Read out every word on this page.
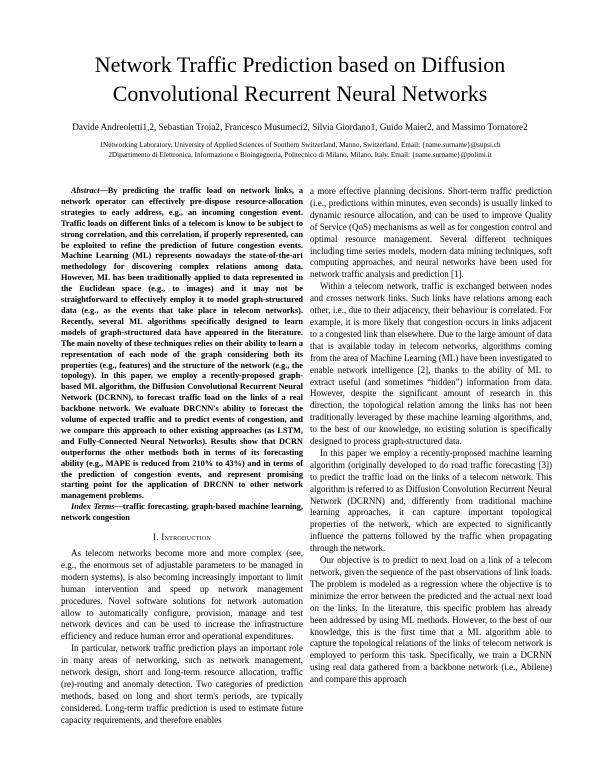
Network Traffic Prediction based on Diffusion Convolutional Recurrent Neural Networks
Davide Andreoletti1,2, Sebastian Troia2, Francesco Musumeci2, Silvia Giordano1, Guido Maier2, and Massimo Tornatore2
1Networking Laboratory, University of Applied Sciences of Southern Switzerland, Manno, Switzerland, Email: {name.surname}@supsi.ch
2Dipartimento di Elettronica, Informazione e Bioingegneria, Politecnico di Milano, Milano, Italy, Email: {name.surname}@polimi.it

Abstract—By predicting the traffic load on network links, a network operator can effectively pre-dispose resource-allocation strategies to early address, e.g., an incoming congestion event. Traffic loads on different links of a telecom is know to be subject to strong correlation, and this correlation, if properly represented, can be exploited to refine the prediction of future congestion events. Machine Learning (ML) represents nowadays the state-of-the-art methodology for discovering complex relations among data. However, ML has been traditionally applied to data represented in the Euclidean space (e.g., to images) and it may not be straightforward to effectively employ it to model graph-structured data (e.g., as the events that take place in telecom networks). Recently, several ML algorithms specifically designed to learn models of graph-structured data have appeared in the literature. The main novelty of these techniques relies on their ability to learn a representation of each node of the graph considering both its properties (e.g., features) and the structure of the network (e.g., the topology). In this paper, we employ a recently-proposed graph-based ML algorithm, the Diffusion Convolutional Recurrent Neural Network (DCRNN), to forecast traffic load on the links of a real backbone network. We evaluate DRCNN's ability to forecast the volume of expected traffic and to predict events of congestion, and we compare this approach to other existing approaches (as LSTM, and Fully-Connected Neural Networks). Results show that DCRN outperforms the other methods both in terms of its forecasting ability (e.g., MAPE is reduced from 210% to 43%) and in terms of the prediction of congestion events, and represent promising starting point for the application of DRCNN to other network management problems.

Index Terms—traffic forecasting, graph-based machine learning, network congestion

I. Introduction

As telecom networks become more and more complex (see, e.g., the enormous set of adjustable parameters to be managed in modern systems), is also becoming increasingly important to limit human intervention and speed up network management procedures. Novel software solutions for network automation allow to automatically configure, provision, manage and test network devices and can be used to increase the infrastructure efficiency and reduce human error and operational expenditures.

In particular, network traffic prediction plays an important role in many areas of networking, such as network management, network design, short and long-term resource allocation, traffic (re)-routing and anomaly detection. Two categories of prediction methods, based on long and short term's periods, are typically considered. Long-term traffic prediction is used to estimate future capacity requirements, and therefore enables

a more effective planning decisions. Short-term traffic prediction (i.e., predictions within minutes, even seconds) is usually linked to dynamic resource allocation, and can be used to improve Quality of Service (QoS) mechanisms as well as for congestion control and optimal resource management. Several different techniques including time series models, modern data mining techniques, soft computing approaches, and neural networks have been used for network traffic analysis and prediction [1].

Within a telecom network, traffic is exchanged between nodes and crosses network links. Such links have relations among each other, i.e., due to their adjacency, their behaviour is correlated. For example, it is more likely that congestion occurs in links adjacent to a congested link than elsewhere. Due to the large amount of data that is available today in telecom networks, algorithms coming from the area of Machine Learning (ML) have been investigated to enable network intelligence [2], thanks to the ability of ML to extract useful (and sometimes “hidden”) information from data. However, despite the significant amount of research in this direction, the topological relation among the links has not been traditionally leveraged by these machine learning algorithms, and, to the best of our knowledge, no existing solution is specifically designed to process graph-structured data.

In this paper we employ a recently-proposed machine learning algorithm (originally developed to do road traffic forecasting [3]) to predict the traffic load on the links of a telecom network. This algorithm is referred to as Diffusion Convolution Recurrent Neural Network (DCRNN) and, differently from traditional machine learning approaches, it can capture important topological properties of the network, which are expected to significantly influence the patterns followed by the traffic when propagating through the network.

Our objective is to predict to next load on a link of a telecom network, given the sequence of the past observations of link loads. The problem is modeled as a regression where the objective is to minimize the error between the predicted and the actual next load on the links. In the literature, this specific problem has already been addressed by using ML methods. However, to the best of our knowledge, this is the first time that a ML algorithm able to capture the topological relations of the links of telecom network is employed to perform this task. Specifically, we train a DCRNN using real data gathered from a backbone network (i.e., Abilene) and compare this approach
